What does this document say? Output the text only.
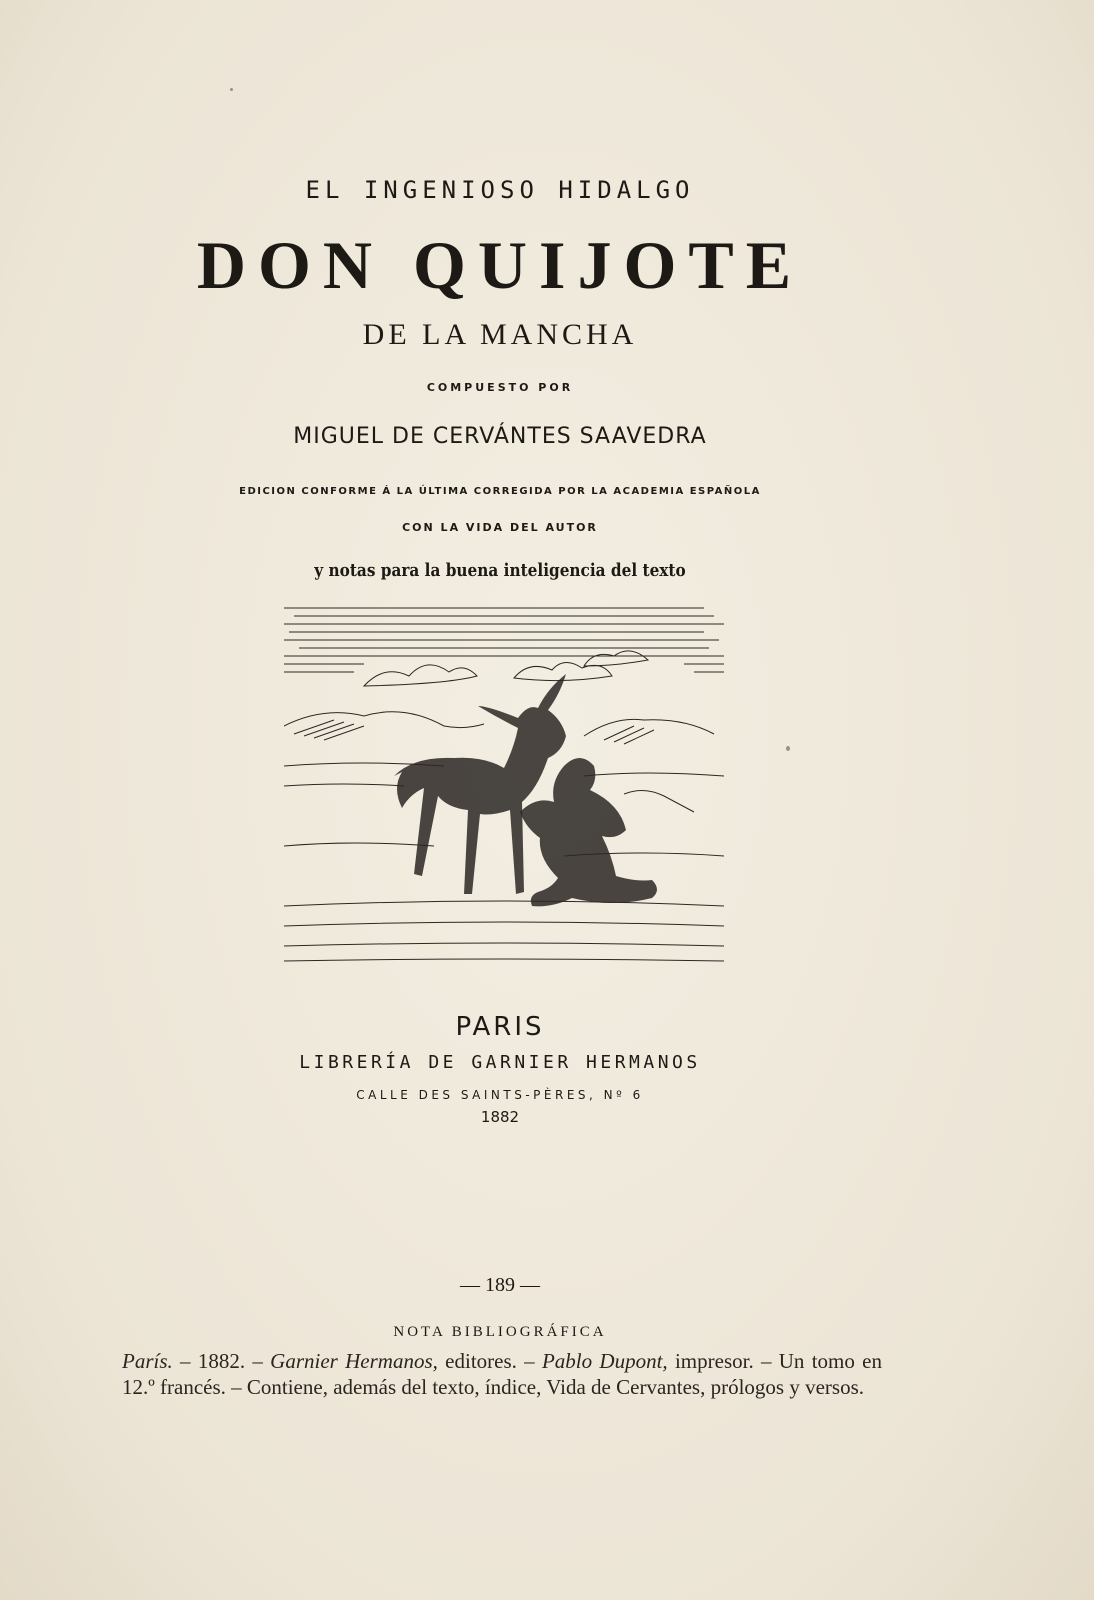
EL INGENIOSO HIDALGO
DON QUIJOTE
DE LA MANCHA
COMPUESTO POR
MIGUEL DE CERVÁNTES SAAVEDRA
EDICION CONFORME Á LA ÚLTIMA CORREGIDA POR LA ACADEMIA ESPAÑOLA
CON LA VIDA DEL AUTOR
y notas para la buena inteligencia del texto
PARIS
LIBRERÍA DE GARNIER HERMANOS
CALLE DES SAINTS-PÈRES, Nº 6
1882
— 189 —
NOTA BIBLIOGRÁFICA
París. – 1882. – Garnier Hermanos, editores. – Pablo Dupont, impresor. – Un tomo en 12.º francés. – Contiene, además del texto, índice, Vida de Cervantes, prólogos y versos.
